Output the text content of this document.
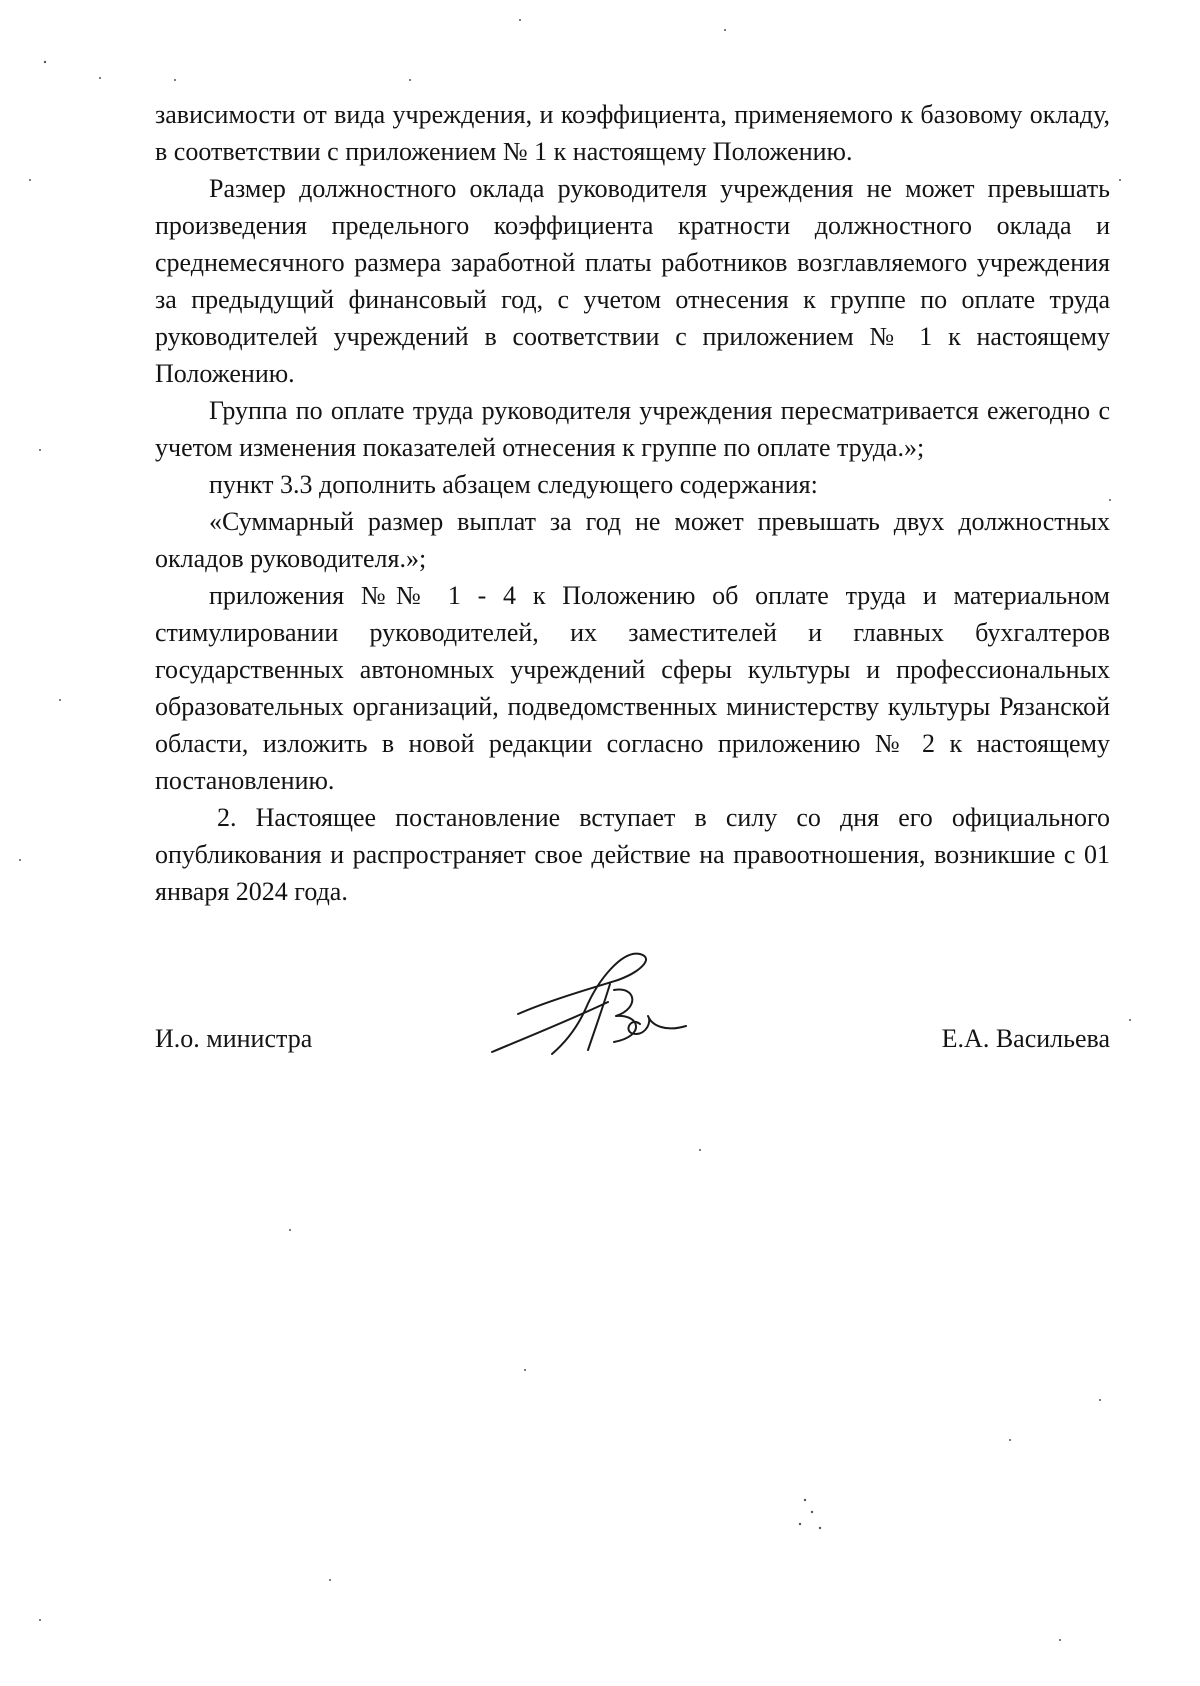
зависимости от вида учреждения, и коэффициента, применяемого к базовому окладу, в соответствии с приложением № 1 к настоящему Положению.

Размер должностного оклада руководителя учреждения не может превышать произведения предельного коэффициента кратности должностного оклада и среднемесячного размера заработной платы работников возглавляемого учреждения за предыдущий финансовый год, с учетом отнесения к группе по оплате труда руководителей учреждений в соответствии с приложением № 1 к настоящему Положению.

Группа по оплате труда руководителя учреждения пересматривается ежегодно с учетом изменения показателей отнесения к группе по оплате труда.»;

пункт 3.3 дополнить абзацем следующего содержания:

«Суммарный размер выплат за год не может превышать двух должностных окладов руководителя.»;

приложения №№ 1 - 4 к Положению об оплате труда и материальном стимулировании руководителей, их заместителей и главных бухгалтеров государственных автономных учреждений сферы культуры и профессиональных образовательных организаций, подведомственных министерству культуры Рязанской области, изложить в новой редакции согласно приложению № 2 к настоящему постановлению.

2. Настоящее постановление вступает в силу со дня его официального опубликования и распространяет свое действие на правоотношения, возникшие с 01 января 2024 года.

И.о. министра	Е.А. Васильева
